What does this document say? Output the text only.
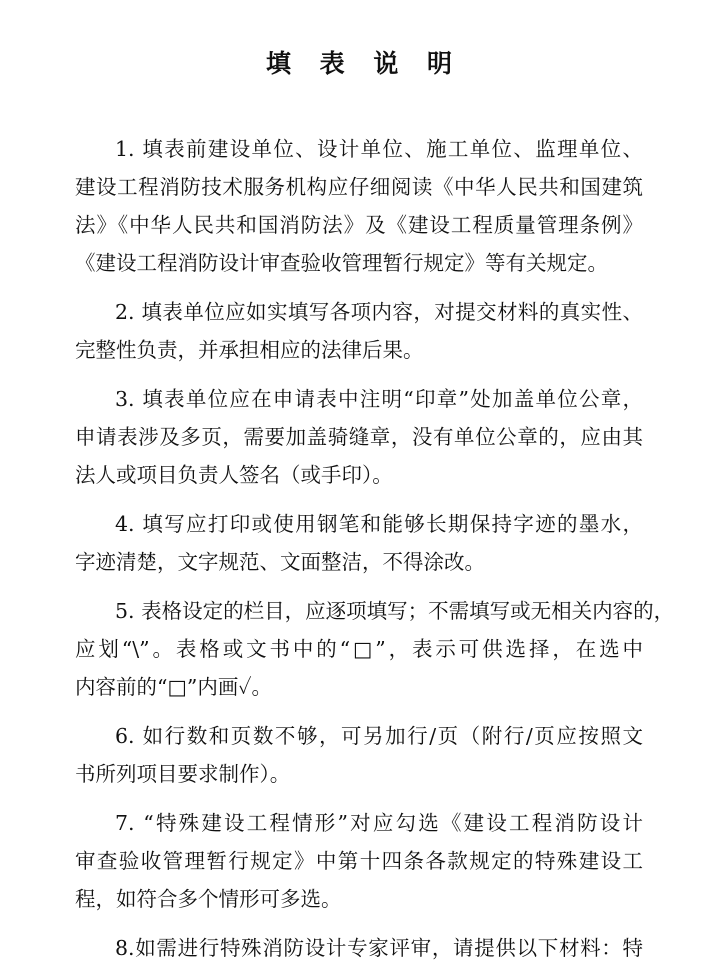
填 表 说 明
1. 填表前建设单位、设计单位、施工单位、监理单位、
建设工程消防技术服务机构应仔细阅读《中华人民共和国建筑
法》《中华人民共和国消防法》及《建设工程质量管理条例》
《建设工程消防设计审查验收管理暂行规定》等有关规定。
2. 填表单位应如实填写各项内容，对提交材料的真实性、
完整性负责，并承担相应的法律后果。
3. 填表单位应在申请表中注明“印章”处加盖单位公章，
申请表涉及多页，需要加盖骑缝章，没有单位公章的，应由其
法人或项目负责人签名（或手印）。
4. 填写应打印或使用钢笔和能够长期保持字迹的墨水，
字迹清楚，文字规范、文面整洁，不得涂改。
5. 表格设定的栏目，应逐项填写；不需填写或无相关内容的，
应划“\”。表格或文书中的“□”，表示可供选择，在选中
内容前的“□”内画✓。
6. 如行数和页数不够，可另加行/页（附行/页应按照文
书所列项目要求制作）。
7. “特殊建设工程情形”对应勾选《建设工程消防设计
审查验收管理暂行规定》中第十四条各款规定的特殊建设工
程，如符合多个情形可多选。
8.如需进行特殊消防设计专家评审，请提供以下材料：特
